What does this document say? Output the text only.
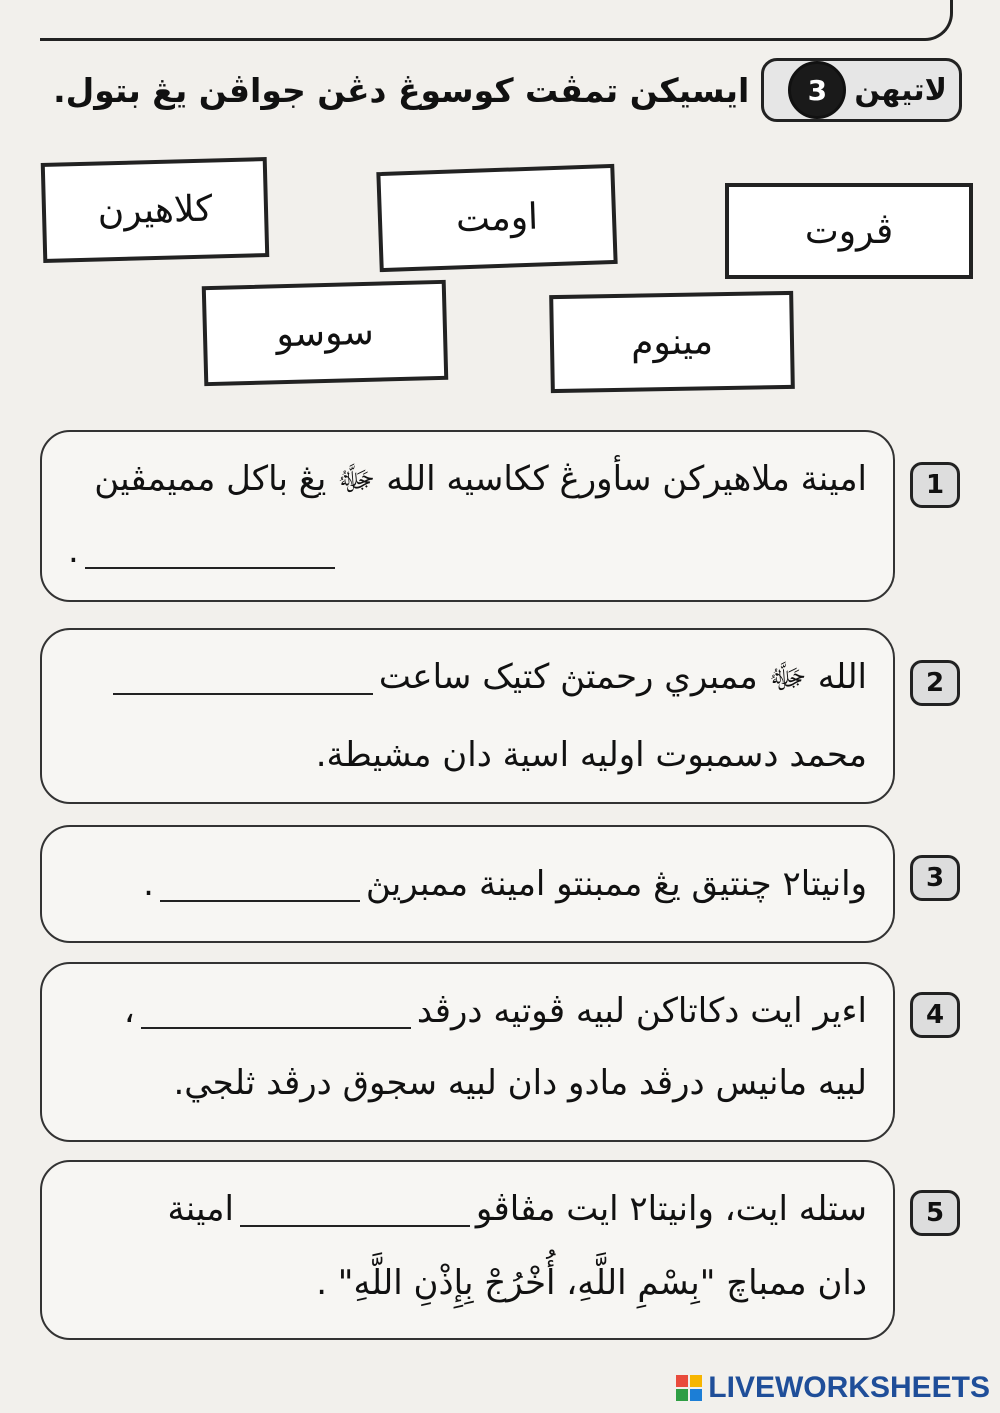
لاتيهن
3
ايسيكن تمڤت كوسوڠ دڠن جواڤن يڠ بتول.
كلاهيرن	اومت	ڤروت
سوسو	مينوم
1
امينة ملاهيركن سأورڠ ككاسيه الله ﷻ يڠ باكل مميمڤين
.
2
الله ﷻ ممبري رحمتڽ كتيک ساعت
محمد دسمبوت اوليه اسية دان مشيطة.
3
وانيتا٢ چنتيق يڠ ممبنتو امينة ممبريڽ.
4
اءير ايت دكاتاكن لبيه ڤوتيه درڤد،
لبيه مانيس درڤد مادو دان لبيه سجوق درڤد ثلجي.
5
ستله ايت، وانيتا٢ ايت مڤاڤوامينة
دان ممباچ "بِسْمِ اللَّهِ، أُخْرُجْ بِإِذْنِ اللَّهِ" .
LIVEWORKSHEETS
